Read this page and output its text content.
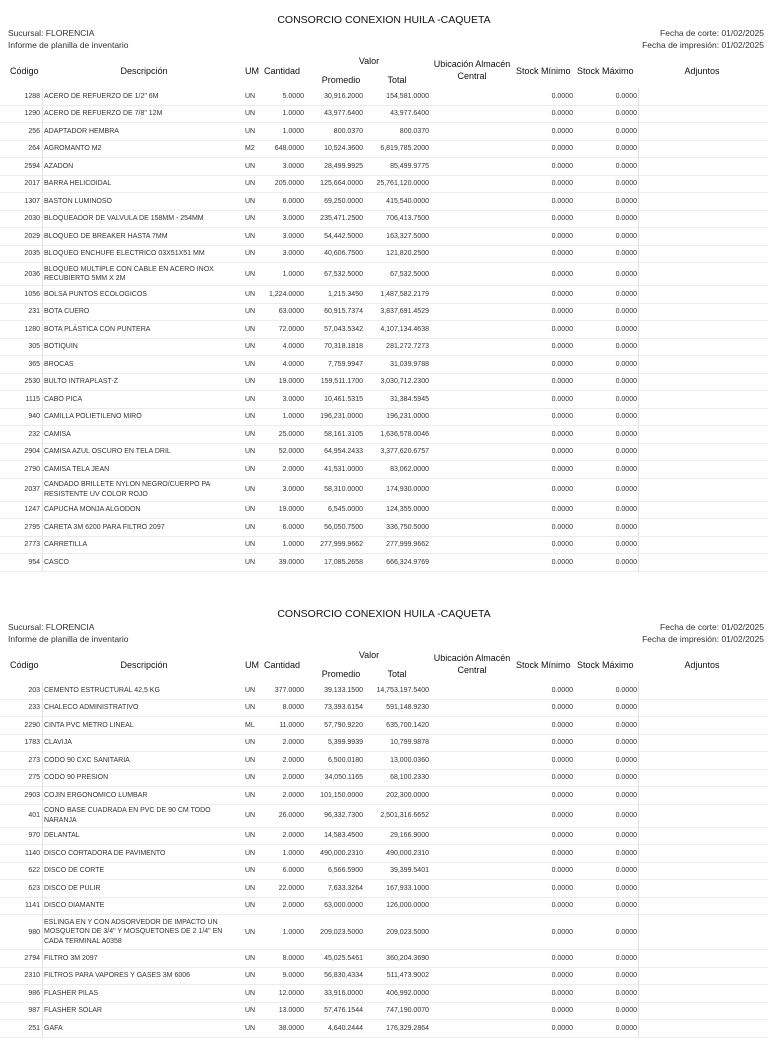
CONSORCIO CONEXION HUILA -CAQUETA
Sucursal: FLORENCIA
Informe de planilla de inventario
Fecha de corte: 01/02/2025
Fecha de impresión: 01/02/2025
Código	Descripción	UM Cantidad
Valor
Promedio	Total
Ubicación Almacén Central	Stock Mínimo Stock Máximo	Adjuntos
1288 ACERO DE REFUERZO DE 1/2" 6M	UN	5.0000	30,916.2000	154,581.0000	0.0000	0.0000
1290 ACERO DE REFUERZO DE 7/8" 12M	UN	1.0000	43,977.6400	43,977.6400	0.0000	0.0000
256 ADAPTADOR HEMBRA	UN	1.0000	800.0370	800.0370	0.0000	0.0000
264 AGROMANTO M2	M2	648.0000	10,524.3600	6,819,785.2000	0.0000	0.0000
2594 AZADON	UN	3.0000	28,499.9925	85,499.9775	0.0000	0.0000
2017 BARRA HELICOIDAL	UN	205.0000	125,664.0000	25,761,120.0000	0.0000	0.0000
1307 BASTON LUMINOSO	UN	6.0000	69,250.0000	415,540.0000	0.0000	0.0000
2030 BLOQUEADOR DE VALVULA DE 158MM - 254MM	UN	3.0000	235,471.2500	706,413.7500	0.0000	0.0000
2029 BLOQUEO DE BREAKER HASTA 7MM	UN	3.0000	54,442.5000	163,327.5000	0.0000	0.0000
2035 BLOQUEO ENCHUFE ELECTRICO 03X51X51 MM	UN	3.0000	40,606.7500	121,820.2500	0.0000	0.0000
2036
BLOQUEO MULTIPLE CON CABLE EN ACERO INOX RECUBIERTO 5MM X 2M
UN	1.0000	67,532.5000	67,532.5000	0.0000	0.0000
1056 BOLSA PUNTOS ECOLOGICOS	UN	1,224.0000	1,215.3450	1,487,582.2179	0.0000	0.0000
231 BOTA CUERO	UN	63.0000	60,915.7374	3,837,691.4529	0.0000	0.0000
1280 BOTA PLÁSTICA CON PUNTERA	UN	72.0000	57,043.5342	4,107,134.4638	0.0000	0.0000
305 BOTIQUIN	UN	4.0000	70,318.1818	281,272.7273	0.0000	0.0000
365 BROCAS	UN	4.0000	7,759.9947	31,039.9788	0.0000	0.0000
2530 BULTO INTRAPLAST-Z	UN	19.0000	159,511.1700	3,030,712.2300	0.0000	0.0000
1115 CABO PICA	UN	3.0000	10,461.5315	31,384.5945	0.0000	0.0000
940 CAMILLA POLIETILENO MIRO	UN	1.0000	196,231.0000	196,231.0000	0.0000	0.0000
232 CAMISA	UN	25.0000	58,161.3105	1,636,578.0046	0.0000	0.0000
2904 CAMISA AZUL OSCURO EN TELA DRIL	UN	52.0000	64,954.2433	3,377,620.6757	0.0000	0.0000
2790 CAMISA TELA JEAN	UN	2.0000	41,531.0000	83,062.0000	0.0000	0.0000
2037
CANDADO BRILLETE NYLON NEGRO/CUERPO PA RESISTENTE UV COLOR ROJO
UN	3.0000	58,310.0000	174,930.0000	0.0000	0.0000
1247 CAPUCHA MONJA ALGODON	UN	19.0000	6,545.0000	124,355.0000	0.0000	0.0000
2795 CARETA 3M 6200 PARA FILTRO 2097	UN	6.0000	56,050.7500	336,750.5000	0.0000	0.0000
2773 CARRETILLA	UN	1.0000	277,999.9662	277,999.9662	0.0000	0.0000
954 CASCO	UN	39.0000	17,085.2658	666,324.9769	0.0000	0.0000
CONSORCIO CONEXION HUILA -CAQUETA
Sucursal: FLORENCIA
Informe de planilla de inventario
Fecha de corte: 01/02/2025
Fecha de impresión: 01/02/2025
Código	Descripción	UM Cantidad
Valor
Promedio	Total
Ubicación Almacén Central	Stock Mínimo Stock Máximo	Adjuntos
203 CEMENTO ESTRUCTURAL 42,5 KG	UN	377.0000	39,133.1500	14,753,197.5400	0.0000	0.0000
233 CHALECO ADMINISTRATIVO	UN	8.0000	73,393.6154	591,148.9230	0.0000	0.0000
2290 CINTA PVC METRO LINEAL	ML	11.0000	57,790.9220	635,700.1420	0.0000	0.0000
1783 CLAVIJA	UN	2.0000	5,399.9939	10,799.9878	0.0000	0.0000
273 CODO 90 CXC SANITARIA	UN	2.0000	6,500.0180	13,000.0360	0.0000	0.0000
275 CODO 90 PRESION	UN	2.0000	34,050.1165	68,100.2330	0.0000	0.0000
2903 COJIN ERGONOMICO LUMBAR	UN	2.0000	101,150.0000	202,300.0000	0.0000	0.0000
401
CONO BASE CUADRADA EN PVC DE 90 CM TODO NARANJA
UN	26.0000	96,332.7300	2,501,316.6652	0.0000	0.0000
970 DELANTAL	UN	2.0000	14,583.4500	29,166.9000	0.0000	0.0000
1140 DISCO CORTADORA DE PAVIMENTO	UN	1.0000	490,000.2310	490,000.2310	0.0000	0.0000
622 DISCO DE CORTE	UN	6.0000	6,566.5900	39,399.5401	0.0000	0.0000
623 DISCO DE PULIR	UN	22.0000	7,633.3264	167,933.1000	0.0000	0.0000
1141 DISCO DIAMANTE	UN	2.0000	63,000.0000	126,000.0000	0.0000	0.0000
980
ESLINGA EN Y CON ADSORVEDOR DE IMPACTO UN MOSQUETON DE 3/4" Y MOSQUETONES DE 2 1/4" EN CADA TERMINAL A0358
UN	1.0000	209,023.5000	209,023.5000	0.0000	0.0000
2794 FILTRO 3M 2097	UN	8.0000	45,025.5461	360,204.3690	0.0000	0.0000
2310 FILTROS PARA VAPORES Y GASES 3M 6006	UN	9.0000	56,830.4334	511,473.9002	0.0000	0.0000
986 FLASHER PILAS	UN	12.0000	33,916.0000	406,992.0000	0.0000	0.0000
987 FLASHER SOLAR	UN	13.0000	57,476.1544	747,190.0070	0.0000	0.0000
251 GAFA	UN	38.0000	4,640.2444	176,329.2864	0.0000	0.0000
